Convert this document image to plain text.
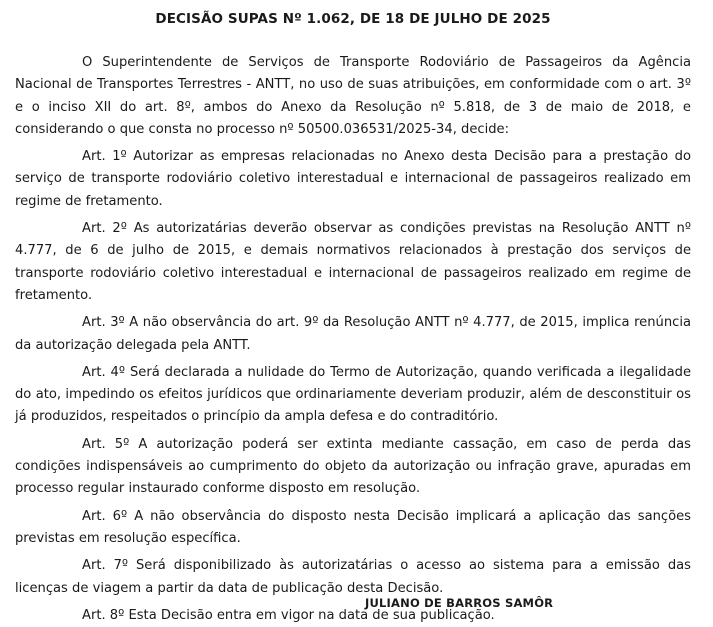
DECISÃO SUPAS Nº 1.062, DE 18 DE JULHO DE 2025

O Superintendente de Serviços de Transporte Rodoviário de Passageiros da Agência Nacional de Transportes Terrestres - ANTT, no uso de suas atribuições, em conformidade com o art. 3º e o inciso XII do art. 8º, ambos do Anexo da Resolução nº 5.818, de 3 de maio de 2018, e considerando o que consta no processo nº 50500.036531/2025-34, decide:

Art. 1º Autorizar as empresas relacionadas no Anexo desta Decisão para a prestação do serviço de transporte rodoviário coletivo interestadual e internacional de passageiros realizado em regime de fretamento.

Art. 2º As autorizatárias deverão observar as condições previstas na Resolução ANTT nº 4.777, de 6 de julho de 2015, e demais normativos relacionados à prestação dos serviços de transporte rodoviário coletivo interestadual e internacional de passageiros realizado em regime de fretamento.

Art. 3º A não observância do art. 9º da Resolução ANTT nº 4.777, de 2015, implica renúncia da autorização delegada pela ANTT.

Art. 4º Será declarada a nulidade do Termo de Autorização, quando verificada a ilegalidade do ato, impedindo os efeitos jurídicos que ordinariamente deveriam produzir, além de desconstituir os já produzidos, respeitados o princípio da ampla defesa e do contraditório.

Art. 5º A autorização poderá ser extinta mediante cassação, em caso de perda das condições indispensáveis ao cumprimento do objeto da autorização ou infração grave, apuradas em processo regular instaurado conforme disposto em resolução.

Art. 6º A não observância do disposto nesta Decisão implicará a aplicação das sanções previstas em resolução específica.

Art. 7º Será disponibilizado às autorizatárias o acesso ao sistema para a emissão das licenças de viagem a partir da data de publicação desta Decisão.

Art. 8º Esta Decisão entra em vigor na data de sua publicação.

JULIANO DE BARROS SAMÔR
